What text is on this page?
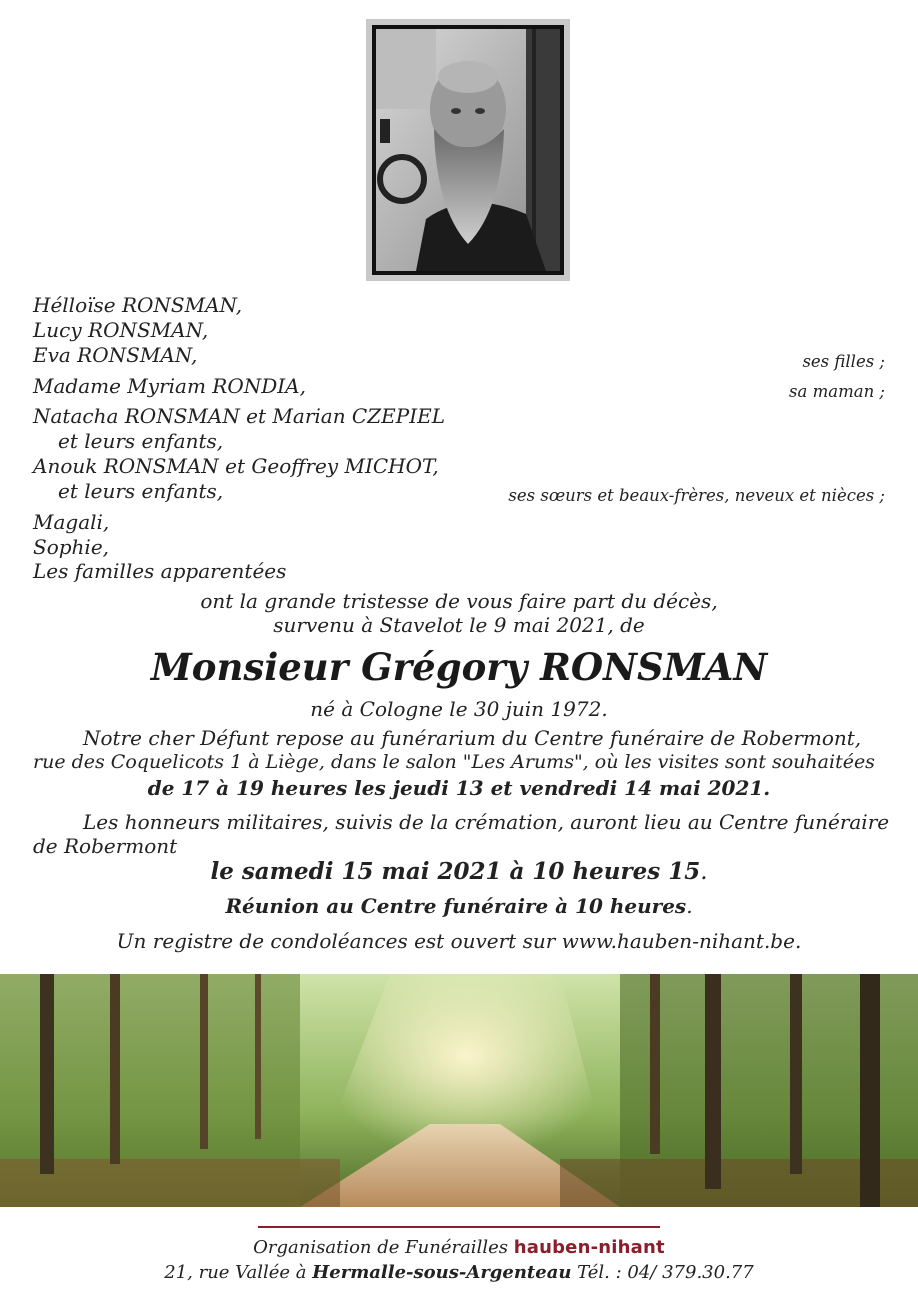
Hélloïse RONSMAN,
Lucy RONSMAN,
Eva RONSMAN,
Madame Myriam RONDIA,
Natacha RONSMAN et Marian CZEPIEL
et leurs enfants,
Anouk RONSMAN et Geoffrey MICHOT,
et leurs enfants,
Magali,
Sophie,
Les familles apparentées
ses filles ;
sa maman ;
ses sœurs et beaux-frères, neveux et nièces ;
ont la grande tristesse de vous faire part du décès,
survenu à Stavelot le 9 mai 2021, de
Monsieur Grégory RONSMAN
né à Cologne le 30 juin 1972.
Notre cher Défunt repose au funérarium du Centre funéraire de Robermont,
rue des Coquelicots 1 à Liège, dans le salon "Les Arums", où les visites sont souhaitées
de 17 à 19 heures les jeudi 13 et vendredi 14 mai 2021.
Les honneurs militaires, suivis de la crémation, auront lieu au Centre funéraire
de Robermont
le samedi 15 mai 2021 à 10 heures 15.
Réunion au Centre funéraire à 10 heures.
Un registre de condoléances est ouvert sur www.hauben-nihant.be.
Organisation de Funérailles hauben-nihant
21, rue Vallée à Hermalle-sous-Argenteau Tél. : 04/ 379.30.77
